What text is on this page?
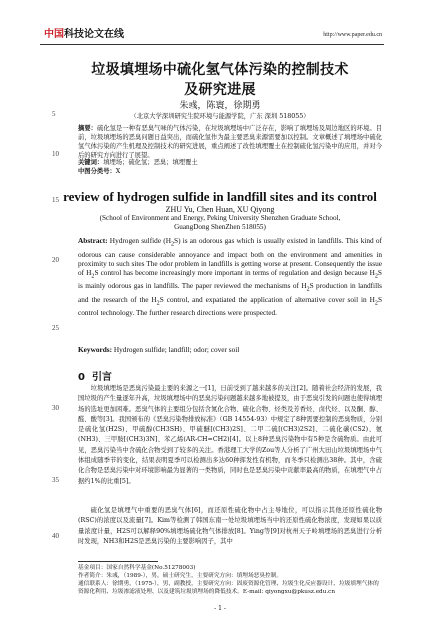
中国科技论文在线	http://www.paper.edu.cn
垃圾填埋场中硫化氢气体污染的控制技术
及研究进展
朱彧，陈寰，徐期勇
（北京大学深圳研究生院环境与能源学院，广东 深圳 518055）
5
10
15
20
25
30
35
40
摘要：硫化氢是一种有恶臭气味的气体污染，在垃圾填埋场中广泛存在，影响了填埋场及周边地区的环境。目前，垃圾填埋场的恶臭问题日益突出，而硫化氢作为最主要恶臭来源需要加以控制。文章概述了填埋场中硫化氢气体污染的产生机理及控制技术的研究进展，重点阐述了改性填埋覆土在控制硫化氢污染中的应用，并对今后的研究方向进行了展望。
关键词：填埋场；硫化氢；恶臭；填埋覆土
中图分类号：X
review of hydrogen sulfide in landfill sites and its control
ZHU Yu, Chen Huan, XU Qiyong
(School of Environment and Energy, Peking University Shenzhen Graduate School,
GuangDong ShenZhen 518055)
Abstract: Hydrogen sulfide $(H_2S)$ is an odorous gas which is usually existed in landfills. This kind of odorous can cause considerable annoyance and impact both on the environment and amenities in proximity to such sites The odor problem in landfills is getting worse at present. Consequently the issue of $H_2S$ control has become increasingly more important in terms of regulation and design because $H_2S$ is mainly odorous gas in landfills. The paper reviewed the mechanisms of $H_2S$ production in landfills and the research of the $H_2S$ control, and expatiated the application of alternative cover soil in $H_2S$ control technology. The further research directions were prospected.
Keywords: Hydrogen sulfide; landfill; odor; cover soil
0 引言
垃圾填埋场是恶臭污染最主要的来源之一[1]，日前受到了越来越多的关注[2]。随着社会经济的发展，我国垃圾的产生量逐年升高，垃圾填埋场中的恶臭污染问题越来越多地被提及，由于恶臭引发的问题也使得填埋场的选址更加困难。恶臭气体的主要组分包括含氮化合物、硫化合物、烃类及芳香烃、卤代烃、以及酮、醇、醛、酸等[3]。我国颁布的《恶臭污染物排放标准》（GB 14554-93）中规定了8种需要控制的恶臭物质，分别是硫化氢(H2S)、甲硫醇(CH3SH)、甲硫醚[(CH3)2S]、二甲二硫[(CH3)2S2]、二硫化碳(CS2)、氨(NH3)、三甲胺[(CH3)3N]、苯乙烯(AR-CH=CH2)[4]。以上8种恶臭污染物中有5种是含硫物质。由此可见，恶臭污染当中含硫化合物受到了较多的关注。香港理工大学的Zou等人分析了广州大田山垃圾填埋场中气体组成随季节的变化，结果表明夏季可以检测出多达60种挥发性有机物，而冬季只检测出38种。其中，含硫化合物是恶臭污染中对环境影响最为显著的一类物质，同时也是恶臭污染中贡献率最高的物质，在填埋气中占据约1%的比重[5]。
硫化氢是填埋气中重要的恶臭气体[6]，而还原性硫化物中占主导地位，可以指示其他还原性硫化物(RSC)的浓度以及流量[7]。Kim等检测了韩国东南一处垃圾填埋场当中的还原性硫化物浓度，发现如果以质量浓度计量，H2S可以解释90%填埋场硫化物气体排放[8]。Ying等[9]对杭州天子岭填埋场的恶臭进行分析时发现，NH3和H2S是恶臭污染的主要影响因子，其中
基金项目：国家自然科学基金(No.51278003)
作者简介：朱彧，（1989-），男，硕士研究生，主要研究方向：填埋场恶臭控制。
通信联系人：徐期勇，（1975-），男，副教授，主要研究方向：固废资源化管理、垃圾生化反应器设计、垃圾填埋气体的资源化利用、垃圾渗滤液处理、以及建筑垃圾填埋场的降低技术。E-mail: qiyongxu@pkusz.edu.cn
- 1 -
